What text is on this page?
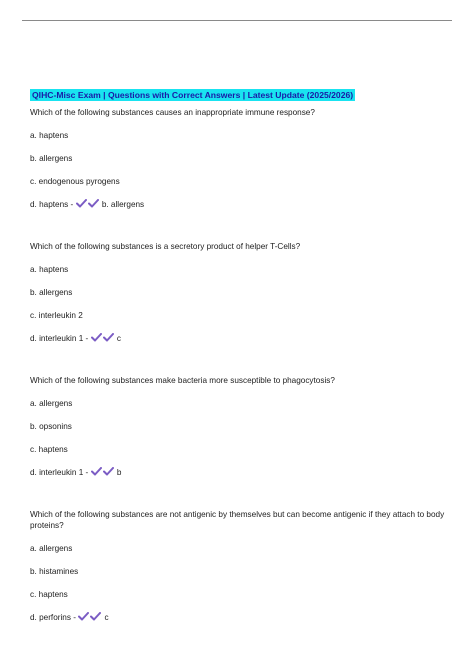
QIHC-Misc Exam | Questions with Correct Answers | Latest Update (2025/2026)

Which of the following substances causes an inappropriate immune response?

a. haptens

b. allergens

c. endogenous pyrogens

d. haptens -	b. allergens

Which of the following substances is a secretory product of helper T-Cells?

a. haptens

b. allergens

c. interleukin 2

d. interleukin 1 -	c

Which of the following substances make bacteria more susceptible to phagocytosis?

a. allergens

b. opsonins

c. haptens

d. interleukin 1 -	b

Which of the following substances are not antigenic by themselves but can become antigenic if they attach to body proteins?

a. allergens

b. histamines

c. haptens

d. perforins -	c
